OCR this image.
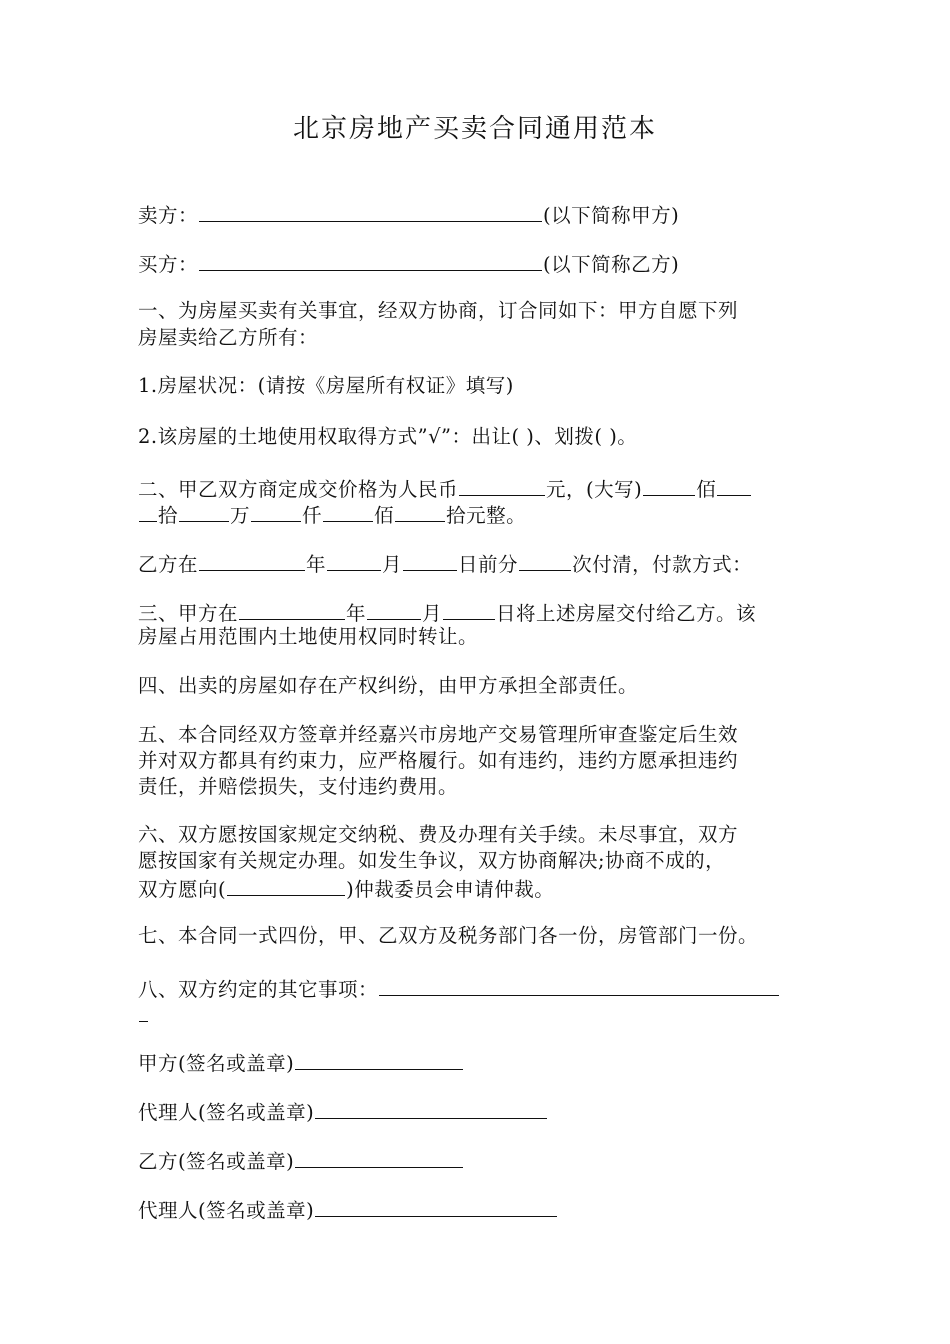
北京房地产买卖合同通用范本
卖方：	(以下简称甲方)
买方：	(以下简称乙方)
一、为房屋买卖有关事宜，经双方协商，订合同如下：甲方自愿下列
房屋卖给乙方所有：
1.房屋状况：(请按《房屋所有权证》填写)
2.该房屋的土地使用权取得方式”√”：出让( )、划拨( )。
二、甲乙双方商定成交价格为人民币	元，(大写)	佰
拾	万	仟	佰	拾元整。
乙方在	年	月	日前分	次付清，付款方式：
三、甲方在	年	月	日将上述房屋交付给乙方。该
房屋占用范围内土地使用权同时转让。
四、出卖的房屋如存在产权纠纷，由甲方承担全部责任。
五、本合同经双方签章并经嘉兴市房地产交易管理所审查鉴定后生效
并对双方都具有约束力，应严格履行。如有违约，违约方愿承担违约
责任，并赔偿损失，支付违约费用。
六、双方愿按国家规定交纳税、费及办理有关手续。未尽事宜，双方
愿按国家有关规定办理。如发生争议，双方协商解决;协商不成的，
双方愿向(	)仲裁委员会申请仲裁。
七、本合同一式四份，甲、乙双方及税务部门各一份，房管部门一份。
八、双方约定的其它事项：
甲方(签名或盖章)
代理人(签名或盖章)
乙方(签名或盖章)
代理人(签名或盖章)
